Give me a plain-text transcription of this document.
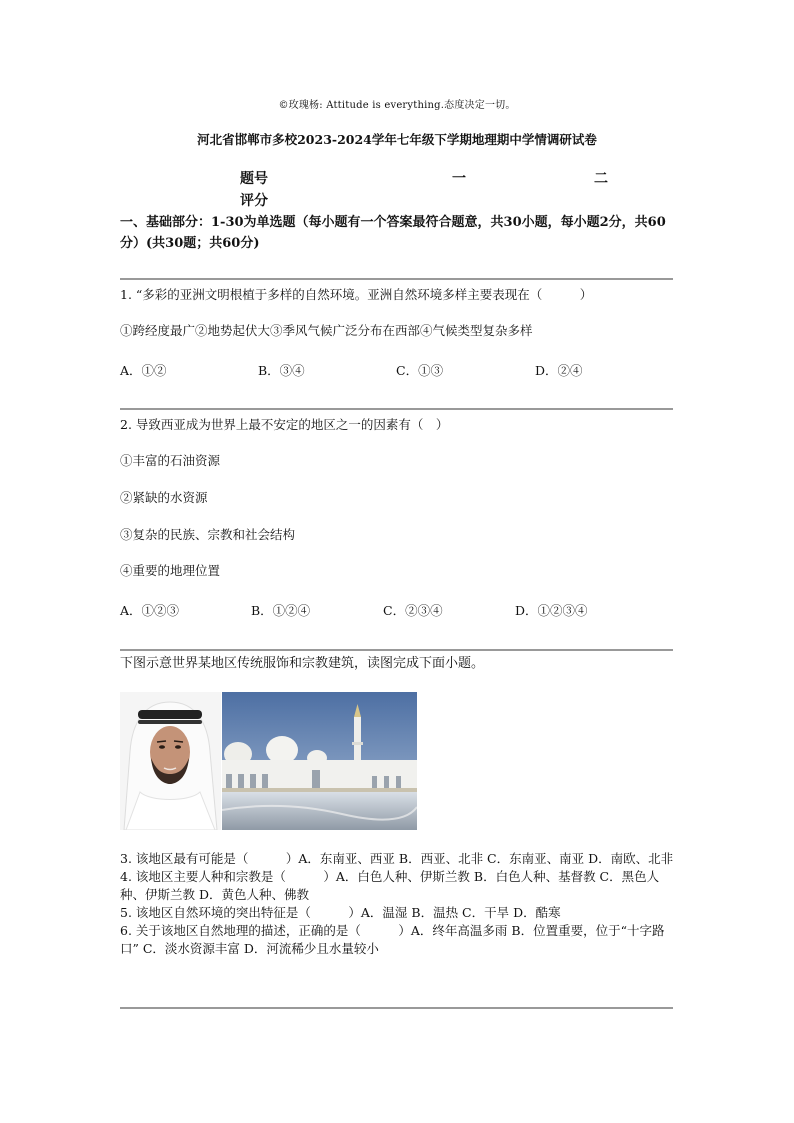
©玫瑰杨: Attitude is everything.态度决定一切。
河北省邯郸市多校2023-2024学年七年级下学期地理期中学情调研试卷
题号	一	二
评分
一、基础部分：1-30为单选题（每小题有一个答案最符合题意，共30小题，每小题2分，共60分）(共30题；共60分)
1. “多彩的亚洲文明根植于多样的自然环境。亚洲自然环境多样主要表现在（　　　）
①跨经度最广②地势起伏大③季风气候广泛分布在西部④气候类型复杂多样
A．①②	B．③④	C．①③	D．②④
2. 导致西亚成为世界上最不安定的地区之一的因素有（　）
①丰富的石油资源
②紧缺的水资源
③复杂的民族、宗教和社会结构
④重要的地理位置
A．①②③	B．①②④	C．②③④	D．①②③④
下图示意世界某地区传统服饰和宗教建筑，读图完成下面小题。
3. 该地区最有可能是（　　　）A．东南亚、西亚 B．西亚、北非 C．东南亚、南亚 D．南欧、北非
4. 该地区主要人种和宗教是（　　　）A．白色人种、伊斯兰教 B．白色人种、基督教 C．黑色人种、伊斯兰教 D．黄色人种、佛教
5. 该地区自然环境的突出特征是（　　　）A．温湿 B．温热 C．干旱 D．酷寒
6. 关于该地区自然地理的描述，正确的是（　　　）A．终年高温多雨 B．位置重要，位于“十字路口” C．淡水资源丰富 D．河流稀少且水量较小
